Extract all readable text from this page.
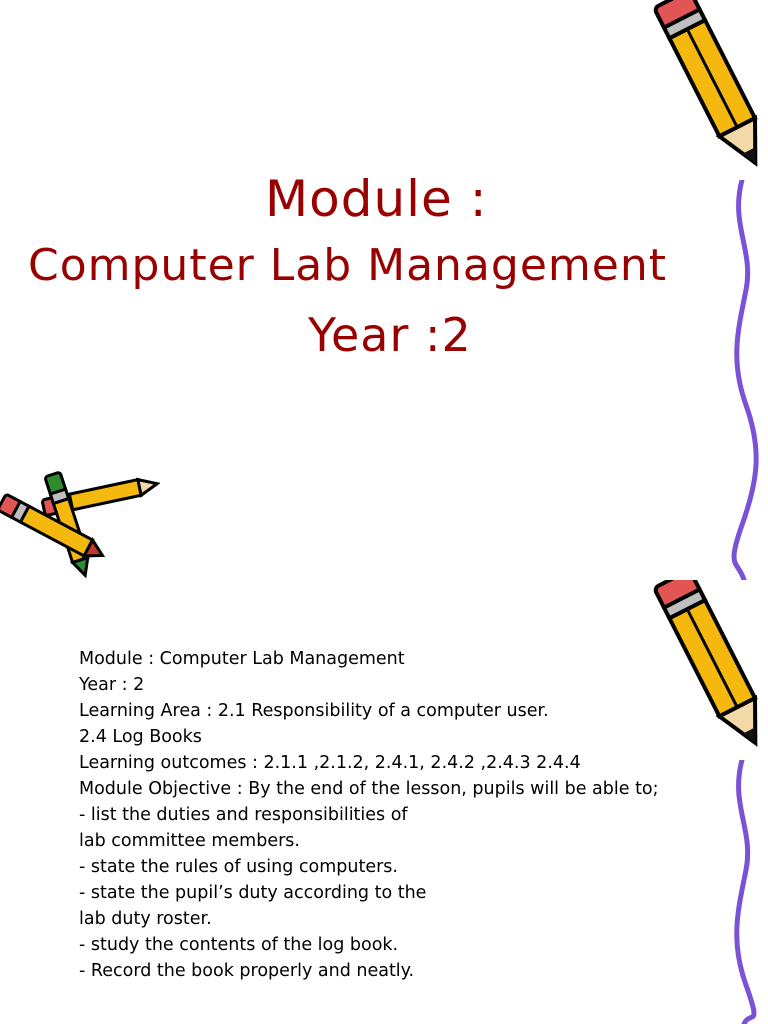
Module :
Computer Lab Management
Year :2
Module : Computer Lab Management
Year : 2
Learning Area : 2.1 Responsibility of a computer user.
2.4 Log Books
Learning outcomes : 2.1.1 ,2.1.2, 2.4.1, 2.4.2 ,2.4.3 2.4.4
Module Objective : By the end of the lesson, pupils will be able to;
- list the duties and responsibilities of
lab committee members.
- state the rules of using computers.
- state the pupil’s duty according to the
lab duty roster.
- study the contents of the log book.
- Record the book properly and neatly.
